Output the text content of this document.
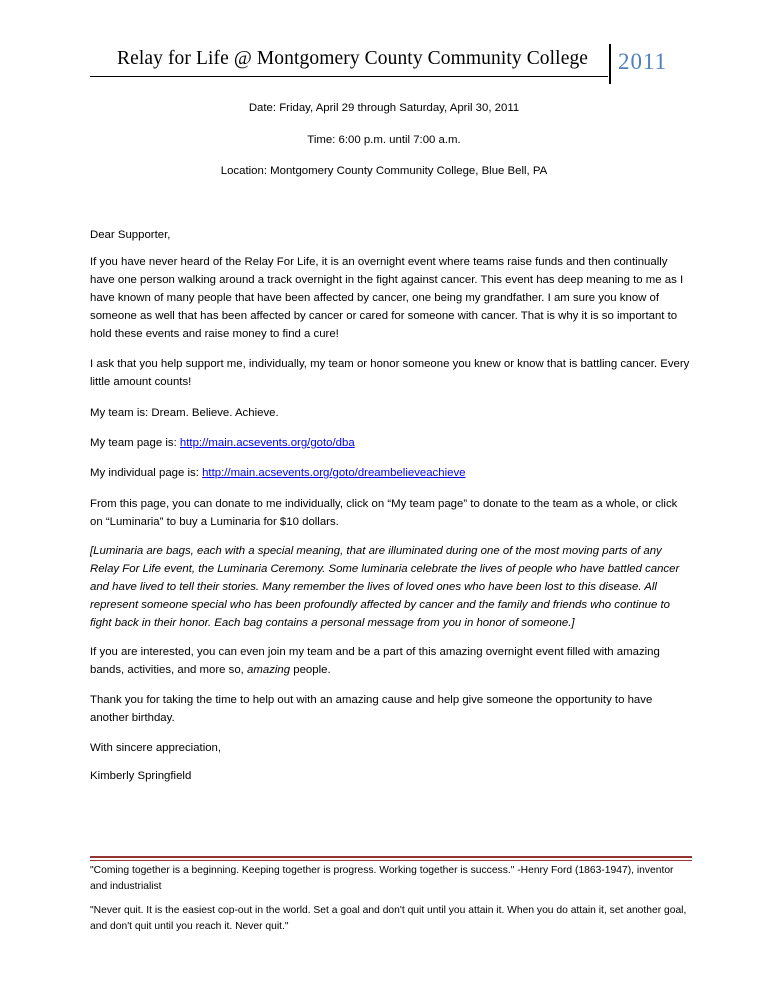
Relay for Life @ Montgomery County Community College 2011
Date: Friday, April 29 through Saturday, April 30, 2011
Time: 6:00 p.m. until 7:00 a.m.
Location: Montgomery County Community College, Blue Bell, PA
Dear Supporter,
If you have never heard of the Relay For Life, it is an overnight event where teams raise funds and then continually have one person walking around a track overnight in the fight against cancer. This event has deep meaning to me as I have known of many people that have been affected by cancer, one being my grandfather. I am sure you know of someone as well that has been affected by cancer or cared for someone with cancer. That is why it is so important to hold these events and raise money to find a cure!
I ask that you help support me, individually, my team or honor someone you knew or know that is battling cancer. Every little amount counts!
My team is: Dream. Believe. Achieve.
My team page is: http://main.acsevents.org/goto/dba
My individual page is: http://main.acsevents.org/goto/dreambelieveachieve
From this page, you can donate to me individually, click on “My team page” to donate to the team as a whole, or click on “Luminaria” to buy a Luminaria for $10 dollars.
[Luminaria are bags, each with a special meaning, that are illuminated during one of the most moving parts of any Relay For Life event, the Luminaria Ceremony. Some luminaria celebrate the lives of people who have battled cancer and have lived to tell their stories. Many remember the lives of loved ones who have been lost to this disease. All represent someone special who has been profoundly affected by cancer and the family and friends who continue to fight back in their honor. Each bag contains a personal message from you in honor of someone.]
If you are interested, you can even join my team and be a part of this amazing overnight event filled with amazing bands, activities, and more so, amazing people.
Thank you for taking the time to help out with an amazing cause and help give someone the opportunity to have another birthday.
With sincere appreciation,
Kimberly Springfield
"Coming together is a beginning. Keeping together is progress. Working together is success." -Henry Ford (1863-1947), inventor and industrialist
"Never quit. It is the easiest cop-out in the world. Set a goal and don't quit until you attain it. When you do attain it, set another goal, and don't quit until you reach it. Never quit."
